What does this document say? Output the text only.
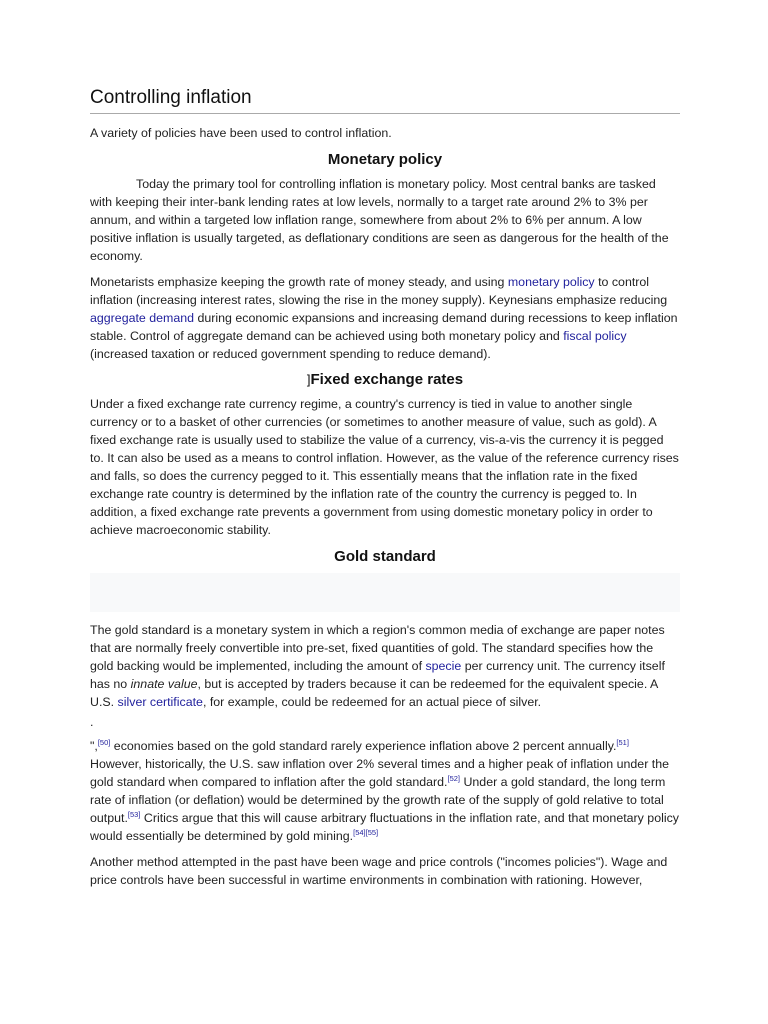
Controlling inflation

A variety of policies have been used to control inflation.

Monetary policy

Today the primary tool for controlling inflation is monetary policy. Most central banks are tasked with keeping their inter-bank lending rates at low levels, normally to a target rate around 2% to 3% per annum, and within a targeted low inflation range, somewhere from about 2% to 6% per annum. A low positive inflation is usually targeted, as deflationary conditions are seen as dangerous for the health of the economy.

Monetarists emphasize keeping the growth rate of money steady, and using monetary policy to control inflation (increasing interest rates, slowing the rise in the money supply). Keynesians emphasize reducing aggregate demand during economic expansions and increasing demand during recessions to keep inflation stable. Control of aggregate demand can be achieved using both monetary policy and fiscal policy (increased taxation or reduced government spending to reduce demand).

]Fixed exchange rates

Under a fixed exchange rate currency regime, a country's currency is tied in value to another single currency or to a basket of other currencies (or sometimes to another measure of value, such as gold). A fixed exchange rate is usually used to stabilize the value of a currency, vis-a-vis the currency it is pegged to. It can also be used as a means to control inflation. However, as the value of the reference currency rises and falls, so does the currency pegged to it. This essentially means that the inflation rate in the fixed exchange rate country is determined by the inflation rate of the country the currency is pegged to. In addition, a fixed exchange rate prevents a government from using domestic monetary policy in order to achieve macroeconomic stability.

Gold standard

The gold standard is a monetary system in which a region's common media of exchange are paper notes that are normally freely convertible into pre-set, fixed quantities of gold. The standard specifies how the gold backing would be implemented, including the amount of specie per currency unit. The currency itself has no innate value, but is accepted by traders because it can be redeemed for the equivalent specie. A U.S. silver certificate, for example, could be redeemed for an actual piece of silver.

.

",[50] economies based on the gold standard rarely experience inflation above 2 percent annually.[51] However, historically, the U.S. saw inflation over 2% several times and a higher peak of inflation under the gold standard when compared to inflation after the gold standard.[52] Under a gold standard, the long term rate of inflation (or deflation) would be determined by the growth rate of the supply of gold relative to total output.[53] Critics argue that this will cause arbitrary fluctuations in the inflation rate, and that monetary policy would essentially be determined by gold mining.[54][55]

Another method attempted in the past have been wage and price controls ("incomes policies"). Wage and price controls have been successful in wartime environments in combination with rationing. However,
